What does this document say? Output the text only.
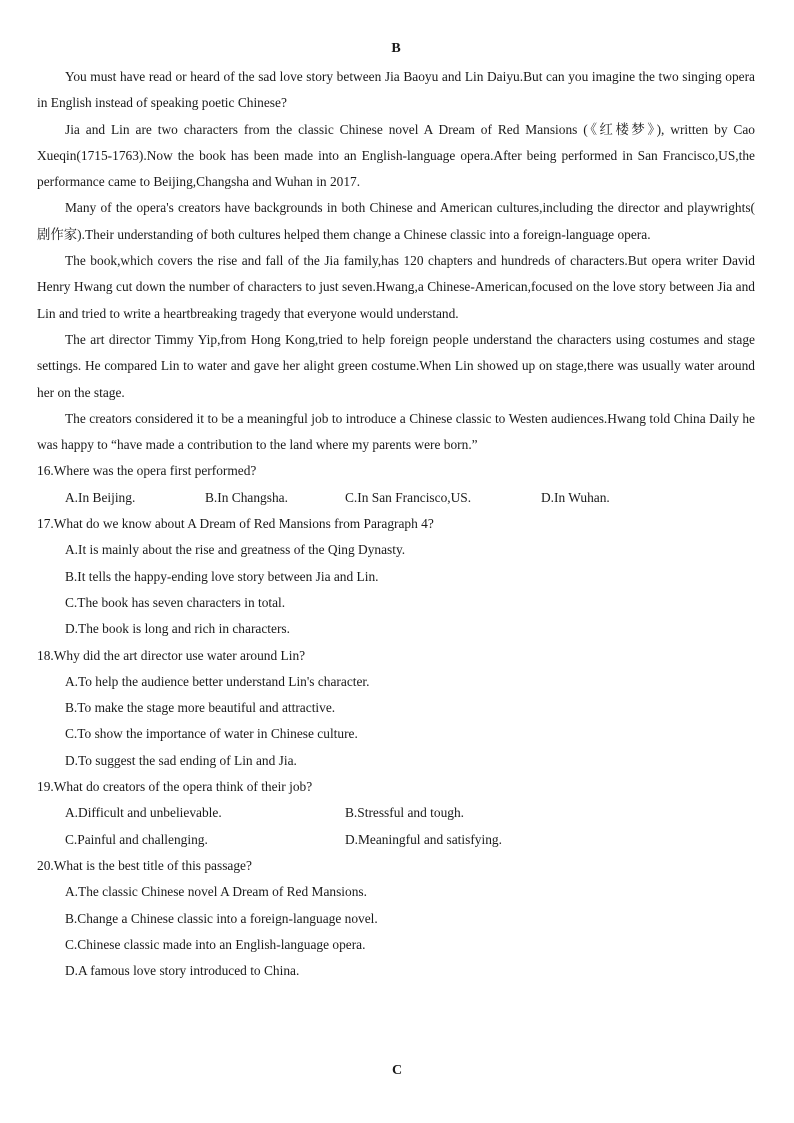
B

You must have read or heard of the sad love story between Jia Baoyu and Lin Daiyu.But can you imagine the two singing opera in English instead of speaking poetic Chinese?

Jia and Lin are two characters from the classic Chinese novel A Dream of Red Mansions (《红楼梦》), written by Cao Xueqin(1715-1763).Now the book has been made into an English-language opera.After being performed in San Francisco,US,the performance came to Beijing,Changsha and Wuhan in 2017.

Many of the opera's creators have backgrounds in both Chinese and American cultures,including the director and playwrights( 剧作家).Their understanding of both cultures helped them change a Chinese classic into a foreign-language opera.

The book,which covers the rise and fall of the Jia family,has 120 chapters and hundreds of characters.But opera writer David Henry Hwang cut down the number of characters to just seven.Hwang,a Chinese-American,focused on the love story between Jia and Lin and tried to write a heartbreaking tragedy that everyone would understand.

The art director Timmy Yip,from Hong Kong,tried to help foreign people understand the characters using costumes and stage settings. He compared Lin to water and gave her alight green costume.When Lin showed up on stage,there was usually water around her on the stage.

The creators considered it to be a meaningful job to introduce a Chinese classic to Westen audiences.Hwang told China Daily he was happy to “have made a contribution to the land where my parents were born.”

16.Where was the opera first performed?

A.In Beijing.	B.In Changsha.	C.In San Francisco,US.	D.In Wuhan.

17.What do we know about A Dream of Red Mansions from Paragraph 4?

A.It is mainly about the rise and greatness of the Qing Dynasty.

B.It tells the happy-ending love story between Jia and Lin.

C.The book has seven characters in total.

D.The book is long and rich in characters.

18.Why did the art director use water around Lin?

A.To help the audience better understand Lin's character.

B.To make the stage more beautiful and attractive.

C.To show the importance of water in Chinese culture.

D.To suggest the sad ending of Lin and Jia.

19.What do creators of the opera think of their job?

A.Difficult and unbelievable.	B.Stressful and tough.
C.Painful and challenging.	D.Meaningful and satisfying.

20.What is the best title of this passage?

A.The classic Chinese novel A Dream of Red Mansions.

B.Change a Chinese classic into a foreign-language novel.

C.Chinese classic made into an English-language opera.

D.A famous love story introduced to China.

C
